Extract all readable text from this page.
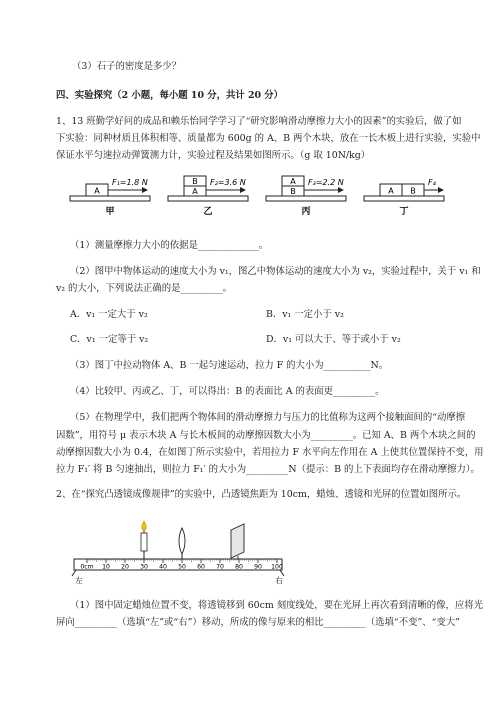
（3）石子的密度是多少？
四、实验探究（2 小题，每小题 10 分，共计 20 分）
1、13 班勤学好问的成品和赖乐怡同学学习了“研究影响滑动摩擦力大小的因素”的实验后，做了如
下实验：同种材质且体积相等、质量都为 600g 的 A、B 两个木块，放在一长木板上进行实验，实验中
保证水平匀速拉动弹簧测力计，实验过程及结果如图所示。（g 取 10N/kg）
A
F₁=1.8 N
甲
A
B F₂=3.6 N
乙
B
A F₃=2.2 N
丙
A B
F₄
丁
（1）测量摩擦力大小的依据是_____________。
（2）图甲中物体运动的速度大小为 v₁，图乙中物体运动的速度大小为 v₂，实验过程中，关于 v₁ 和
v₂ 的大小，下列说法正确的是_________。
A．v₁ 一定大于 v₂	B．v₁ 一定小于 v₂
C．v₁ 一定等于 v₂	D．v₁ 可以大于、等于或小于 v₂
（3）图丁中拉动物体 A、B 一起匀速运动，拉力 F 的大小为__________N。
（4）比较甲、丙或乙、丁，可以得出：B 的表面比 A 的表面更_________。
（5）在物理学中，我们把两个物体间的滑动摩擦力与压力的比值称为这两个接触面间的“动摩擦
因数”，用符号 μ 表示木块 A 与长木板间的动摩擦因数大小为_________。已知 A、B 两个木块之间的
动摩擦因数大小为 0.4，在如图丁所示实验中，若用拉力 F 水平向左作用在 A 上使其位置保持不变，用
拉力 F₁′ 将 B 匀速抽出，则拉力 F₁′ 的大小为_________N（提示：B 的上下表面均存在滑动摩擦力）。
2、在“探究凸透镜成像规律”的实验中，凸透镜焦距为 10cm，蜡烛、透镜和光屏的位置如图所示。
0cm 10 20 30 40 50 60 70 80 90 100
左	右
（1）图中固定蜡烛位置不变，将透镜移到 60cm 刻度线处，要在光屏上再次看到清晰的像，应将光
屏向_________（选填“左”或“右”）移动，所成的像与原来的相比_________（选填“不变”、“变大”
